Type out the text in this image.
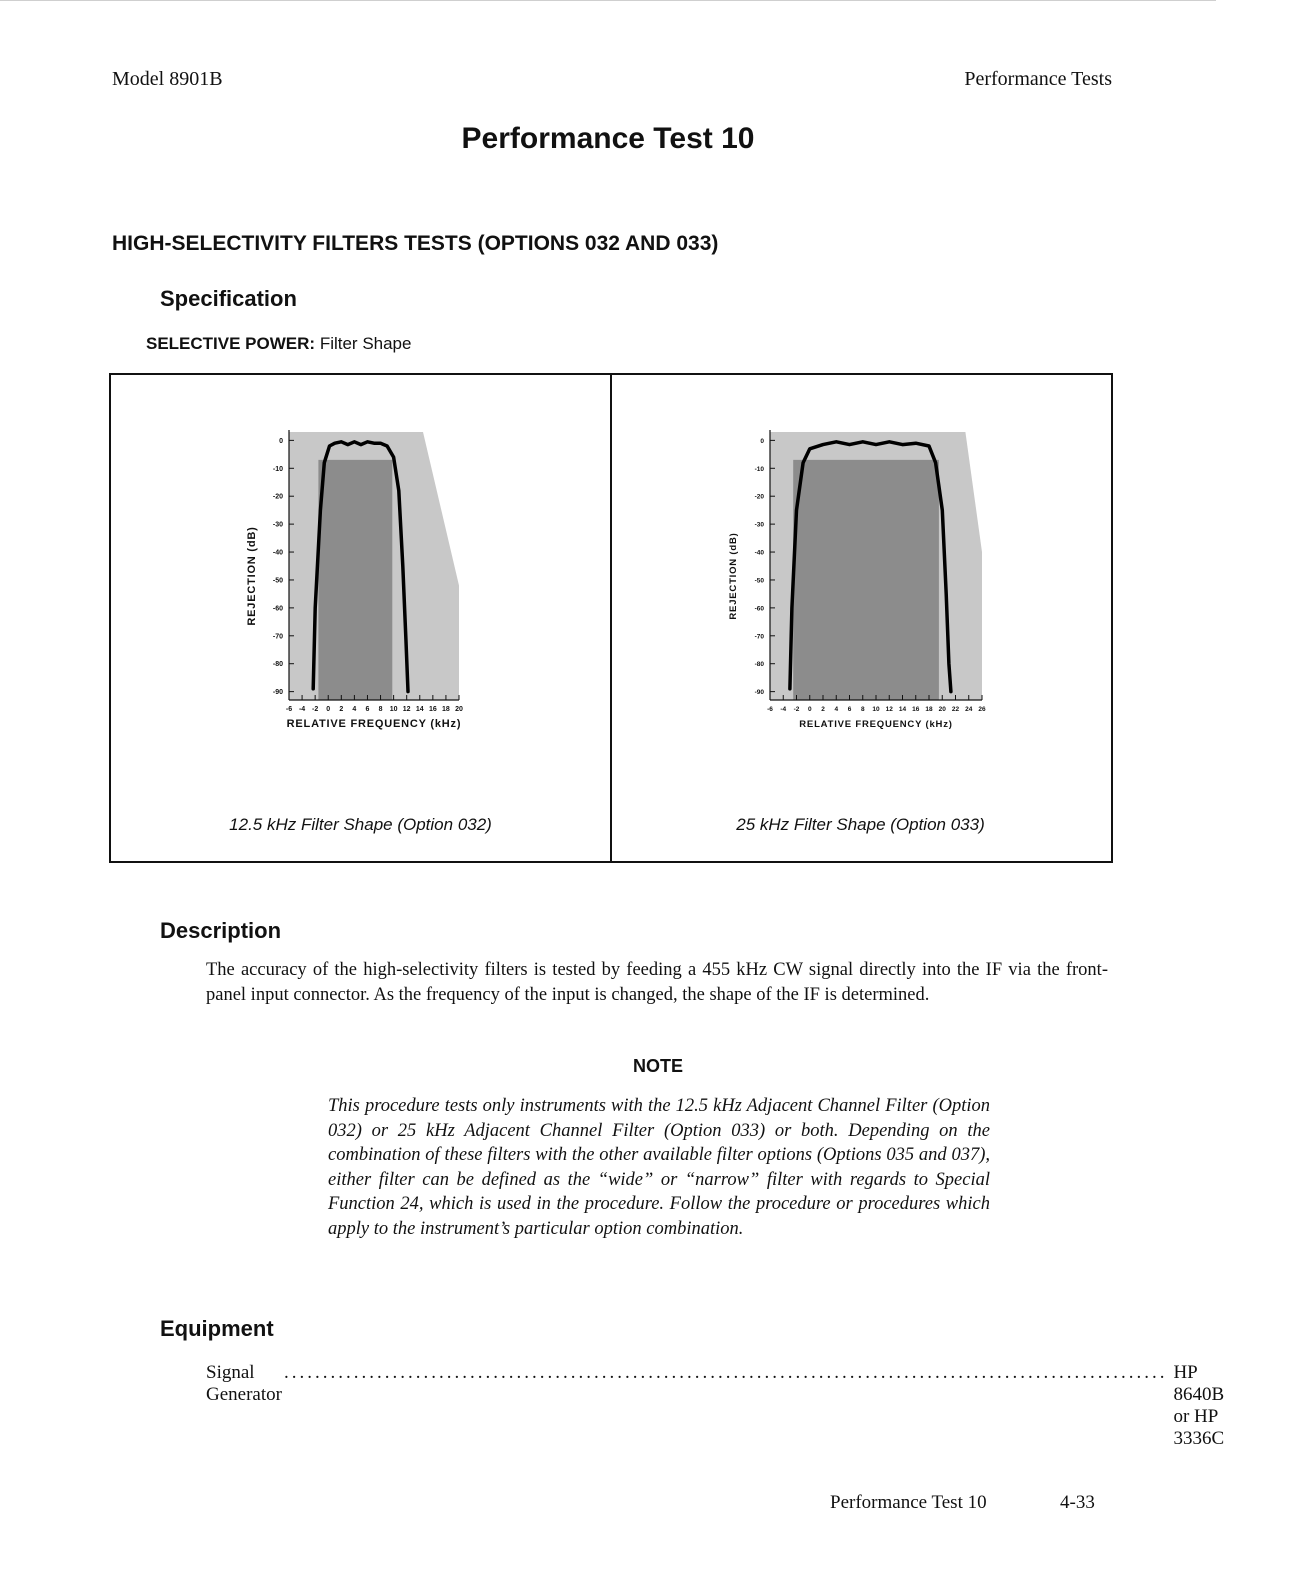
Model 8901B	Performance Tests
Performance Test 10
HIGH-SELECTIVITY FILTERS TESTS (OPTIONS 032 AND 033)
Specification
SELECTIVE POWER: Filter Shape
0
-10
-20
-30
-40
-50
-60
-70
-80
-90
-6 -4 -2 0 2 4 6 8 10 12 14 16 18 20
RELATIVE FREQUENCY (kHz)
REJECTION (dB)
12.5 kHz Filter Shape (Option 032)
0
-10
-20
-30
-40
-50
-60
-70
-80
-90
-6 -4 -2 0 2 4 6 8 10 12 14 16 18 20 22 24 26
RELATIVE FREQUENCY (kHz)
REJECTION (dB)
25 kHz Filter Shape (Option 033)
Description
The accuracy of the high-selectivity filters is tested by feeding a 455 kHz CW signal directly into the IF via the front-panel input connector. As the frequency of the input is changed, the shape of the IF is determined.
NOTE
This procedure tests only instruments with the 12.5 kHz Adjacent Channel Filter (Option 032) or 25 kHz Adjacent Channel Filter (Option 033) or both. Depending on the combination of these filters with the other available filter options (Options 035 and 037), either filter can be defined as the “wide” or “narrow” filter with regards to Special Function 24, which is used in the procedure. Follow the procedure or procedures which apply to the instrument’s particular option combination.
Equipment
Signal Generator
.................................................................................................................. HP 8640B or HP 3336C
Performance Test 10	4-33
